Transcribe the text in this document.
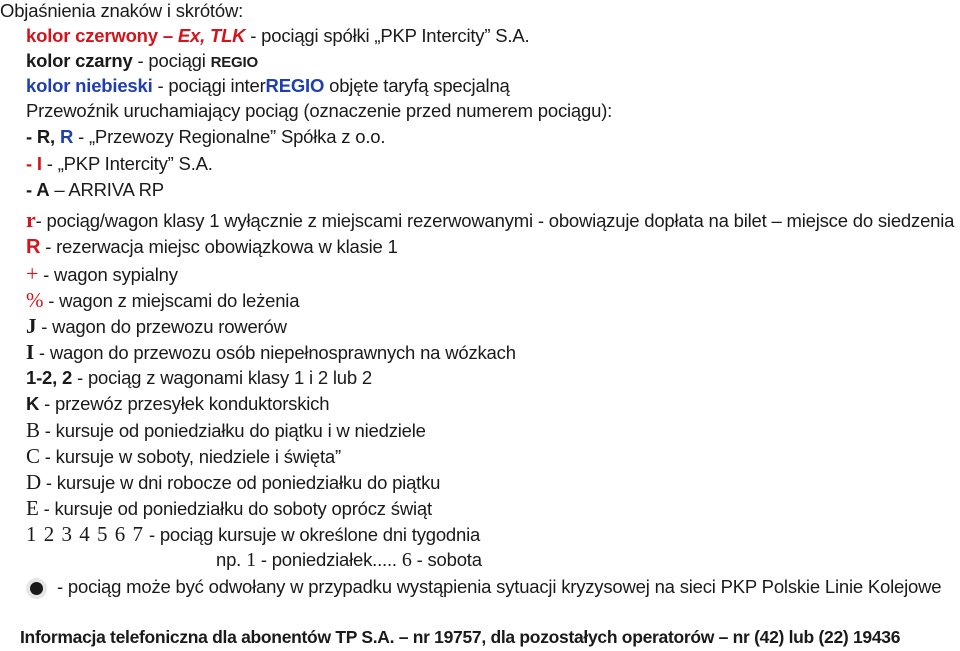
Objaśnienia znaków i skrótów:
kolor czerwony – Ex, TLK - pociągi spółki „PKP Intercity” S.A.
kolor czarny - pociągi REGIO
kolor niebieski - pociągi interREGIO objęte taryfą specjalną
Przewoźnik uruchamiający pociąg (oznaczenie przed numerem pociągu):
- R, R - „Przewozy Regionalne” Spółka z o.o.
- I - „PKP Intercity” S.A.
- A – ARRIVA RP
r- pociąg/wagon klasy 1 wyłącznie z miejscami rezerwowanymi - obowiązuje dopłata na bilet – miejsce do siedzenia
R - rezerwacja miejsc obowiązkowa w klasie 1
+ - wagon sypialny
% - wagon z miejscami do leżenia
J - wagon do przewozu rowerów
I - wagon do przewozu osób niepełnosprawnych na wózkach
1-2, 2 - pociąg z wagonami klasy 1 i 2 lub 2
K - przewóz przesyłek konduktorskich
B - kursuje od poniedziałku do piątku i w niedziele
C - kursuje w soboty, niedziele i święta”
D - kursuje w dni robocze od poniedziałku do piątku
E - kursuje od poniedziałku do soboty oprócz świąt
1 2 3 4 5 6 7 - pociąg kursuje w określone dni tygodnia
np. 1 - poniedziałek..... 6 - sobota
- pociąg może być odwołany w przypadku wystąpienia sytuacji kryzysowej na sieci PKP Polskie Linie Kolejowe
Informacja telefoniczna dla abonentów TP S.A. – nr 19757, dla pozostałych operatorów – nr (42) lub (22) 19436
